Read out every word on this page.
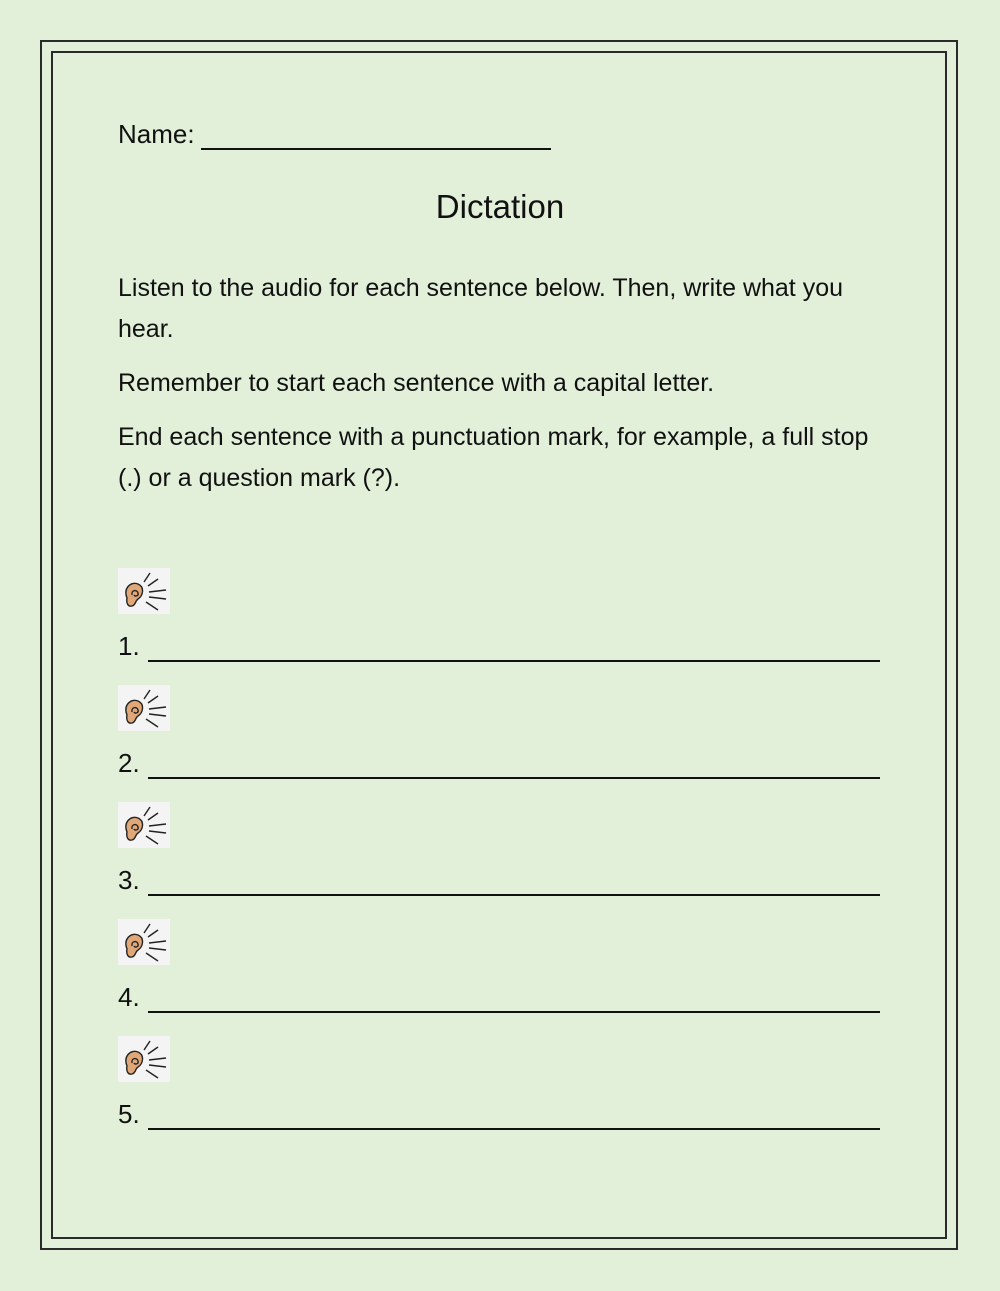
Name:
Dictation

Listen to the audio for each sentence below. Then, write what you hear.

Remember to start each sentence with a capital letter.

End each sentence with a punctuation mark, for example, a full stop (.) or a question mark (?).

1.
2.
3.
4.
5.
